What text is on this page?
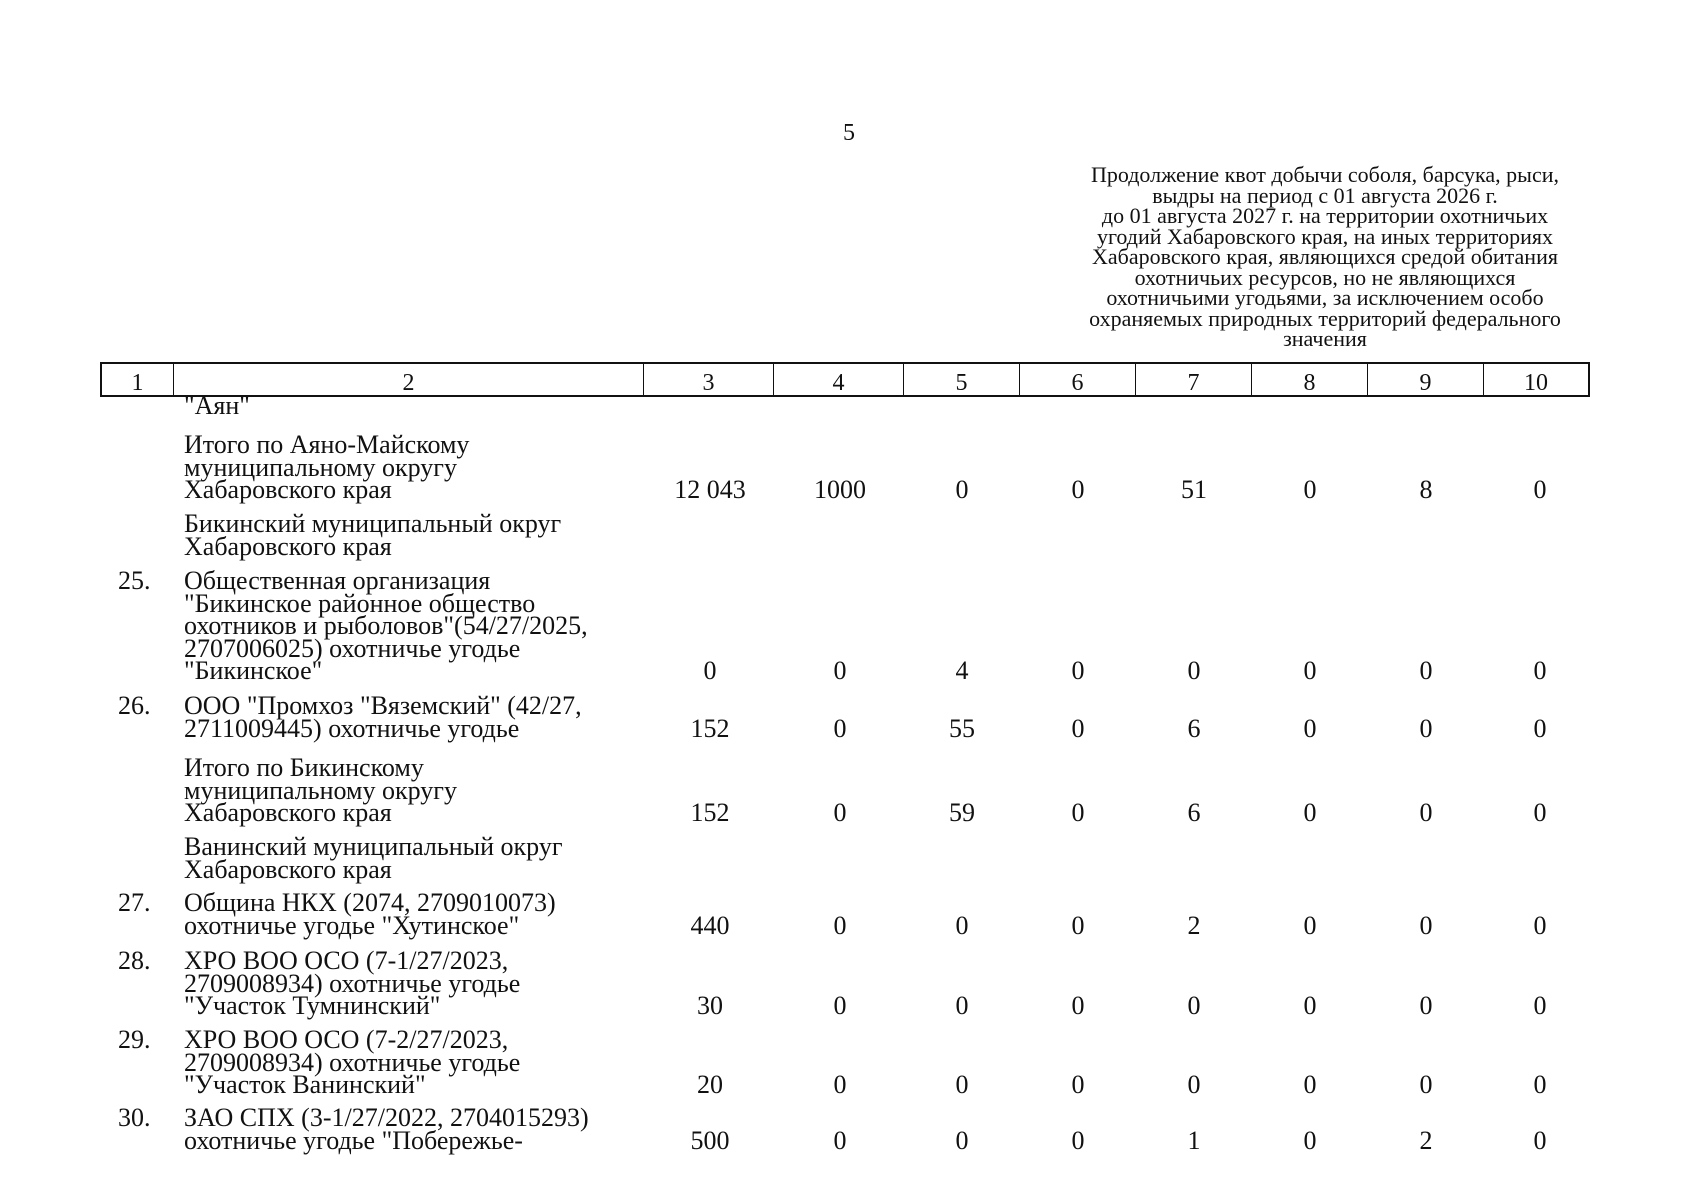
5
Продолжение квот добычи соболя, барсука, рыси,
выдры на период с 01 августа 2026 г.
до 01 августа 2027 г. на территории охотничьих
угодий Хабаровского края, на иных территориях
Хабаровского края, являющихся средой обитания
охотничьих ресурсов, но не являющихся
охотничьими угодьями, за исключением особо
охраняемых природных территорий федерального
значения
1	2	3	4	5	6	7	8	9	10
"Аян"
Итого по Аяно-Майскому
муниципальному округу
Хабаровского края	12 043	1000	0	0	51	0	8	0
Бикинский муниципальный округ
Хабаровского края
25. Общественная организация
"Бикинское районное общество
охотников и рыболовов"(54/27/2025,
2707006025) охотничье угодье
"Бикинское"	0	0	4	0	0	0	0	0
26. ООО "Промхоз "Вяземский" (42/27,
2711009445) охотничье угодье	152	0	55	0	6	0	0	0
Итого по Бикинскому
муниципальному округу
Хабаровского края	152	0	59	0	6	0	0	0
Ванинский муниципальный округ
Хабаровского края
27. Община НКХ (2074, 2709010073)
охотничье угодье "Хутинское"	440	0	0	0	2	0	0	0
28. ХРО ВОО ОСО (7-1/27/2023,
2709008934) охотничье угодье
"Участок Тумнинский"	30	0	0	0	0	0	0	0
29. ХРО ВОО ОСО (7-2/27/2023,
2709008934) охотничье угодье
"Участок Ванинский"	20	0	0	0	0	0	0	0
30. ЗАО СПХ (3-1/27/2022, 2704015293)
охотничье угодье "Побережье-	500	0	0	0	1	0	2	0
